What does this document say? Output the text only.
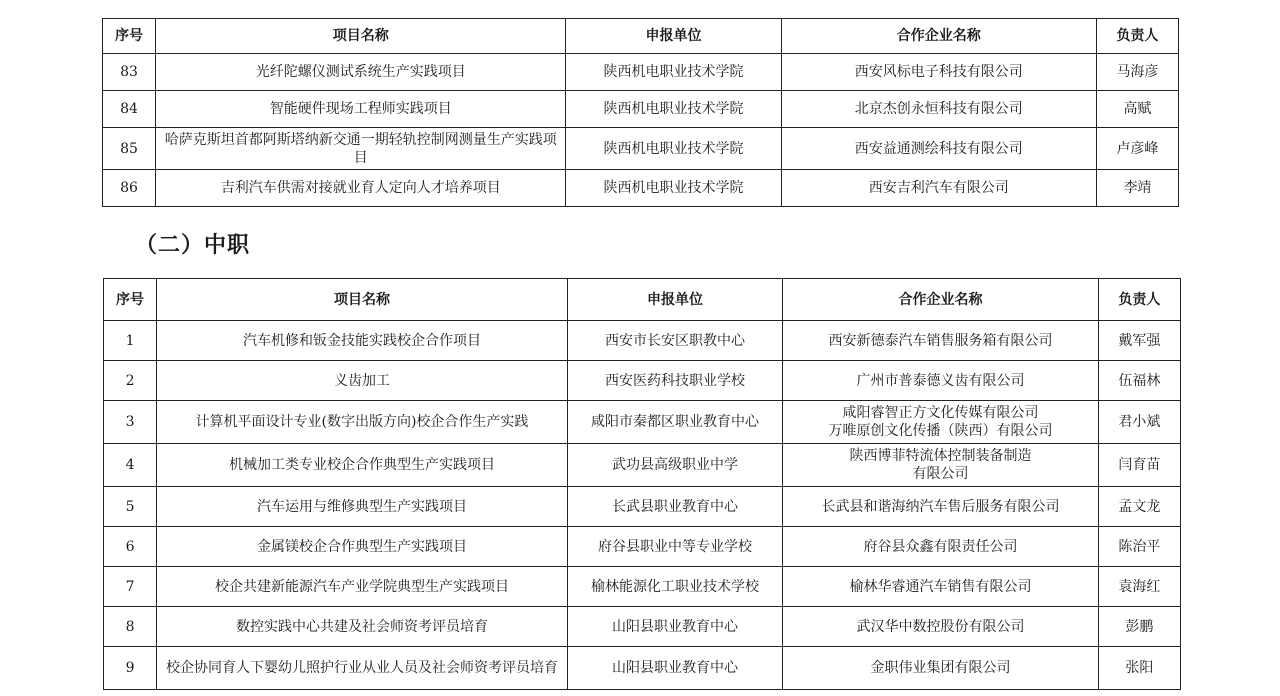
序号	项目名称	申报单位	合作企业名称	负责人
83	光纤陀螺仪测试系统生产实践项目	陕西机电职业技术学院	西安风标电子科技有限公司	马海彦
84	智能硬件现场工程师实践项目	陕西机电职业技术学院	北京杰创永恒科技有限公司	高赋
85	哈萨克斯坦首都阿斯塔纳新交通一期轻轨控制网测量生产实践项目	陕西机电职业技术学院	西安益通测绘科技有限公司	卢彦峰
86	吉利汽车供需对接就业育人定向人才培养项目	陕西机电职业技术学院	西安吉利汽车有限公司	李靖
（二）中职
序号	项目名称	申报单位	合作企业名称	负责人
1	汽车机修和钣金技能实践校企合作项目	西安市长安区职教中心	西安新德泰汽车销售服务箱有限公司	戴军强
2	义齿加工	西安医药科技职业学校	广州市普泰德义齿有限公司	伍福林
3	计算机平面设计专业(数字出版方向)校企合作生产实践	咸阳市秦都区职业教育中心	咸阳睿智正方文化传媒有限公司
万唯原创文化传播（陕西）有限公司	君小斌
4	机械加工类专业校企合作典型生产实践项目	武功县高级职业中学	陕西博菲特流体控制装备制造
有限公司	闫育苗
5	汽车运用与维修典型生产实践项目	长武县职业教育中心	长武县和谐海纳汽车售后服务有限公司	孟文龙
6	金属镁校企合作典型生产实践项目	府谷县职业中等专业学校	府谷县众鑫有限责任公司	陈治平
7	校企共建新能源汽车产业学院典型生产实践项目	榆林能源化工职业技术学校	榆林华睿通汽车销售有限公司	袁海红
8	数控实践中心共建及社会师资考评员培育	山阳县职业教育中心	武汉华中数控股份有限公司	彭鹏
9	校企协同育人下婴幼儿照护行业从业人员及社会师资考评员培育	山阳县职业教育中心	金职伟业集团有限公司	张阳
